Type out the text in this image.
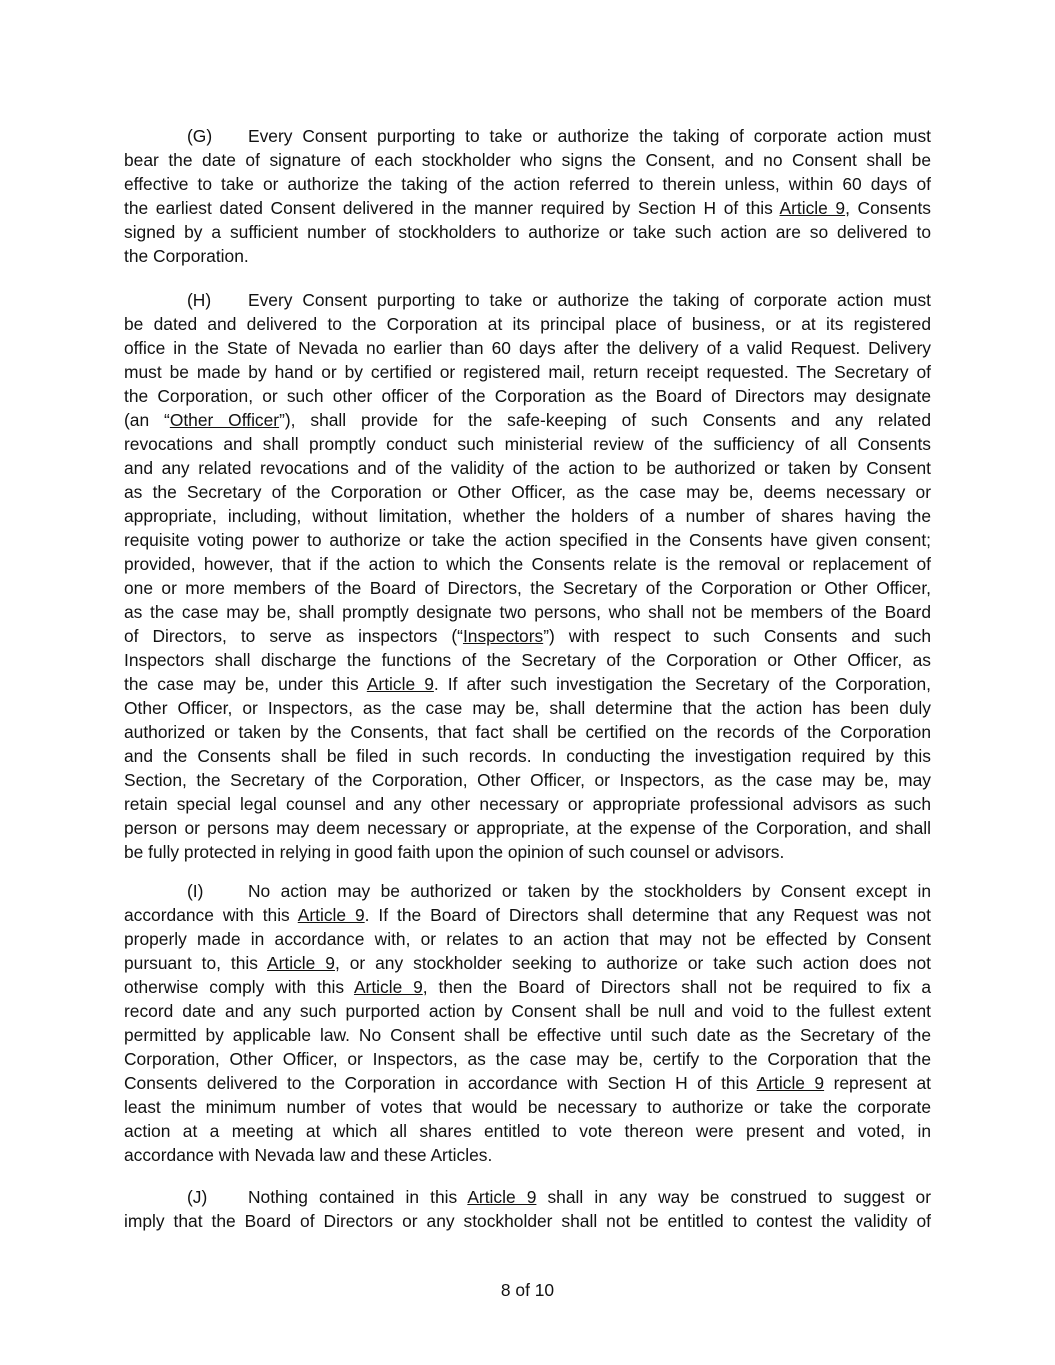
(G) Every Consent purporting to take or authorize the taking of corporate action must
bear the date of signature of each stockholder who signs the Consent, and no Consent shall be
effective to take or authorize the taking of the action referred to therein unless, within 60 days of
the earliest dated Consent delivered in the manner required by Section H of this Article 9, Consents
signed by a sufficient number of stockholders to authorize or take such action are so delivered to
the Corporation.
(H) Every Consent purporting to take or authorize the taking of corporate action must
be dated and delivered to the Corporation at its principal place of business, or at its registered
office in the State of Nevada no earlier than 60 days after the delivery of a valid Request. Delivery
must be made by hand or by certified or registered mail, return receipt requested. The Secretary of
the Corporation, or such other officer of the Corporation as the Board of Directors may designate
(an “Other Officer”), shall provide for the safe-keeping of such Consents and any related
revocations and shall promptly conduct such ministerial review of the sufficiency of all Consents
and any related revocations and of the validity of the action to be authorized or taken by Consent
as the Secretary of the Corporation or Other Officer, as the case may be, deems necessary or
appropriate, including, without limitation, whether the holders of a number of shares having the
requisite voting power to authorize or take the action specified in the Consents have given consent;
provided, however, that if the action to which the Consents relate is the removal or replacement of
one or more members of the Board of Directors, the Secretary of the Corporation or Other Officer,
as the case may be, shall promptly designate two persons, who shall not be members of the Board
of Directors, to serve as inspectors (“Inspectors”) with respect to such Consents and such
Inspectors shall discharge the functions of the Secretary of the Corporation or Other Officer, as
the case may be, under this Article 9. If after such investigation the Secretary of the Corporation,
Other Officer, or Inspectors, as the case may be, shall determine that the action has been duly
authorized or taken by the Consents, that fact shall be certified on the records of the Corporation
and the Consents shall be filed in such records. In conducting the investigation required by this
Section, the Secretary of the Corporation, Other Officer, or Inspectors, as the case may be, may
retain special legal counsel and any other necessary or appropriate professional advisors as such
person or persons may deem necessary or appropriate, at the expense of the Corporation, and shall
be fully protected in relying in good faith upon the opinion of such counsel or advisors.
(I)	No action may be authorized or taken by the stockholders by Consent except in
accordance with this Article 9. If the Board of Directors shall determine that any Request was not
properly made in accordance with, or relates to an action that may not be effected by Consent
pursuant to, this Article 9, or any stockholder seeking to authorize or take such action does not
otherwise comply with this Article 9, then the Board of Directors shall not be required to fix a
record date and any such purported action by Consent shall be null and void to the fullest extent
permitted by applicable law. No Consent shall be effective until such date as the Secretary of the
Corporation, Other Officer, or Inspectors, as the case may be, certify to the Corporation that the
Consents delivered to the Corporation in accordance with Section H of this Article 9 represent at
least the minimum number of votes that would be necessary to authorize or take the corporate
action at a meeting at which all shares entitled to vote thereon were present and voted, in
accordance with Nevada law and these Articles.
(J) Nothing contained in this Article 9 shall in any way be construed to suggest or
imply that the Board of Directors or any stockholder shall not be entitled to contest the validity of
8 of 10
